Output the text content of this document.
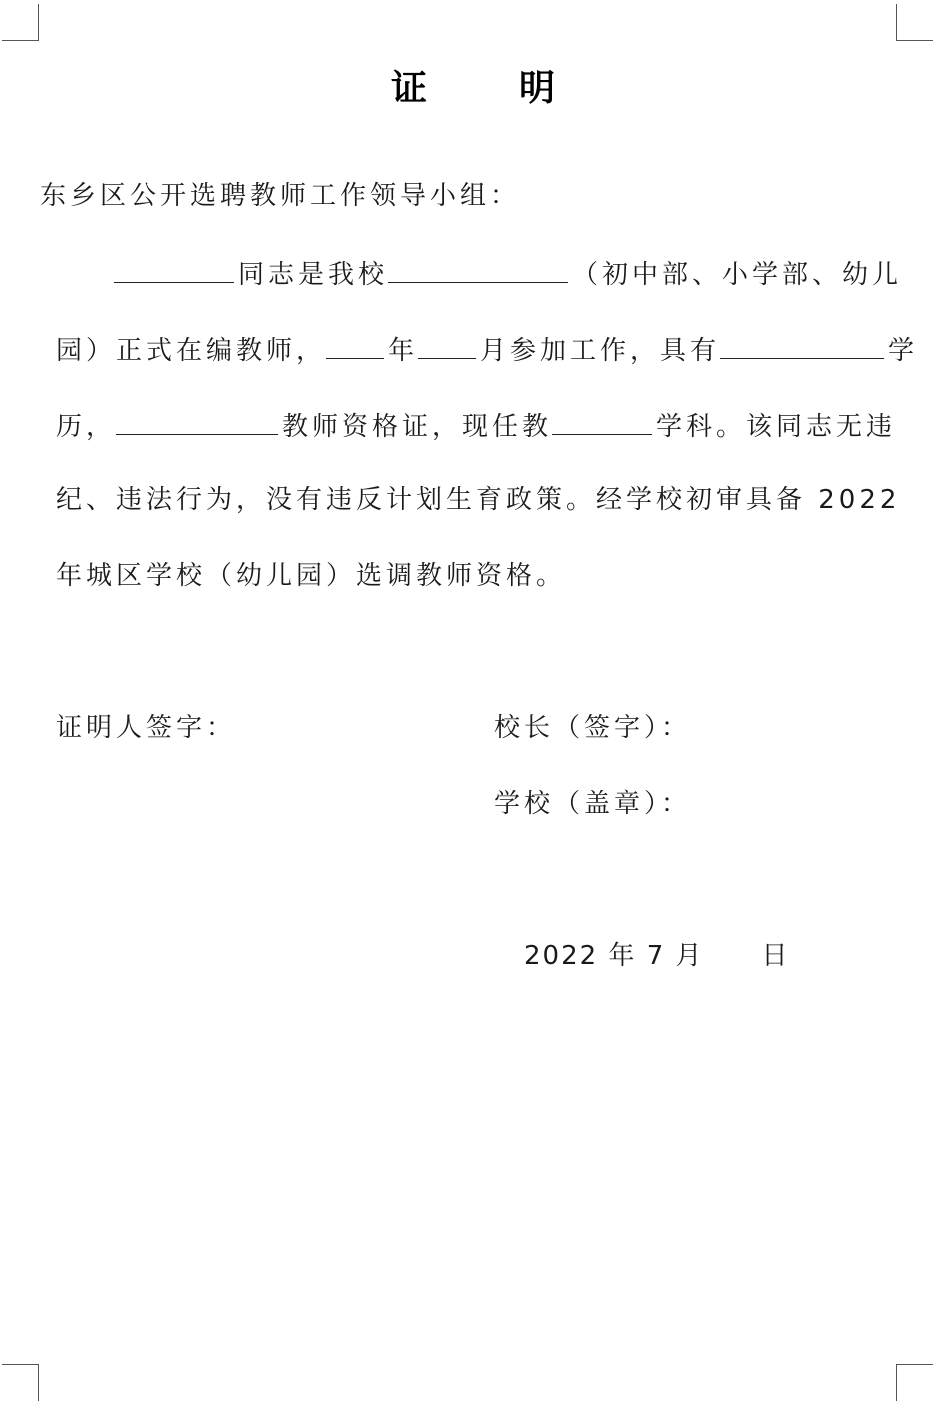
证	明
东乡区公开选聘教师工作领导小组：
同志是我校	（初中部、小学部、幼儿
园）正式在编教师， 年 月参加工作，具有	学
历，	教师资格证，现任教	学科。该同志无违
纪、违法行为，没有违反计划生育政策。经学校初审具备 2022
年城区学校（幼儿园）选调教师资格。
证明人签字：	校长（签字）：
学校（盖章）：
2022 年 7 月 日
